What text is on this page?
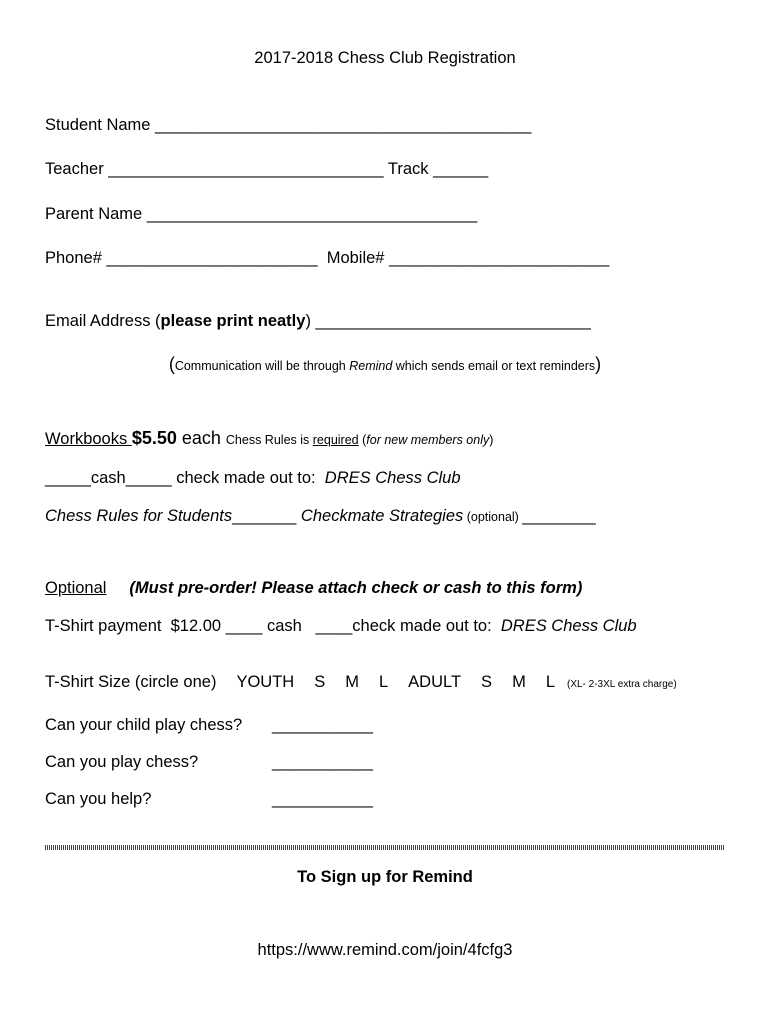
2017-2018 Chess Club Registration

Student Name _________________________________________

Teacher ______________________________ Track ______

Parent Name ____________________________________

Phone# _______________________  Mobile# ________________________

Email Address (please print neatly) ______________________________

(Communication will be through Remind which sends email or text reminders)

Workbooks $5.50 each Chess Rules is required (for new members only)

_____cash_____ check made out to:  DRES Chess Club

Chess Rules for Students_______ Checkmate Strategies (optional) ________

Optional (Must pre-order! Please attach check or cash to this form)

T-Shirt payment  $12.00 ____ cash   ____check made out to:  DRES Chess Club

T-Shirt Size (circle one) YOUTH S M L ADULT S M L (XL- 2-3XL extra charge)

Can your child play chess? ___________

Can you play chess?	___________

Can you help?	___________

To Sign up for Remind

https://www.remind.com/join/4fcfg3
